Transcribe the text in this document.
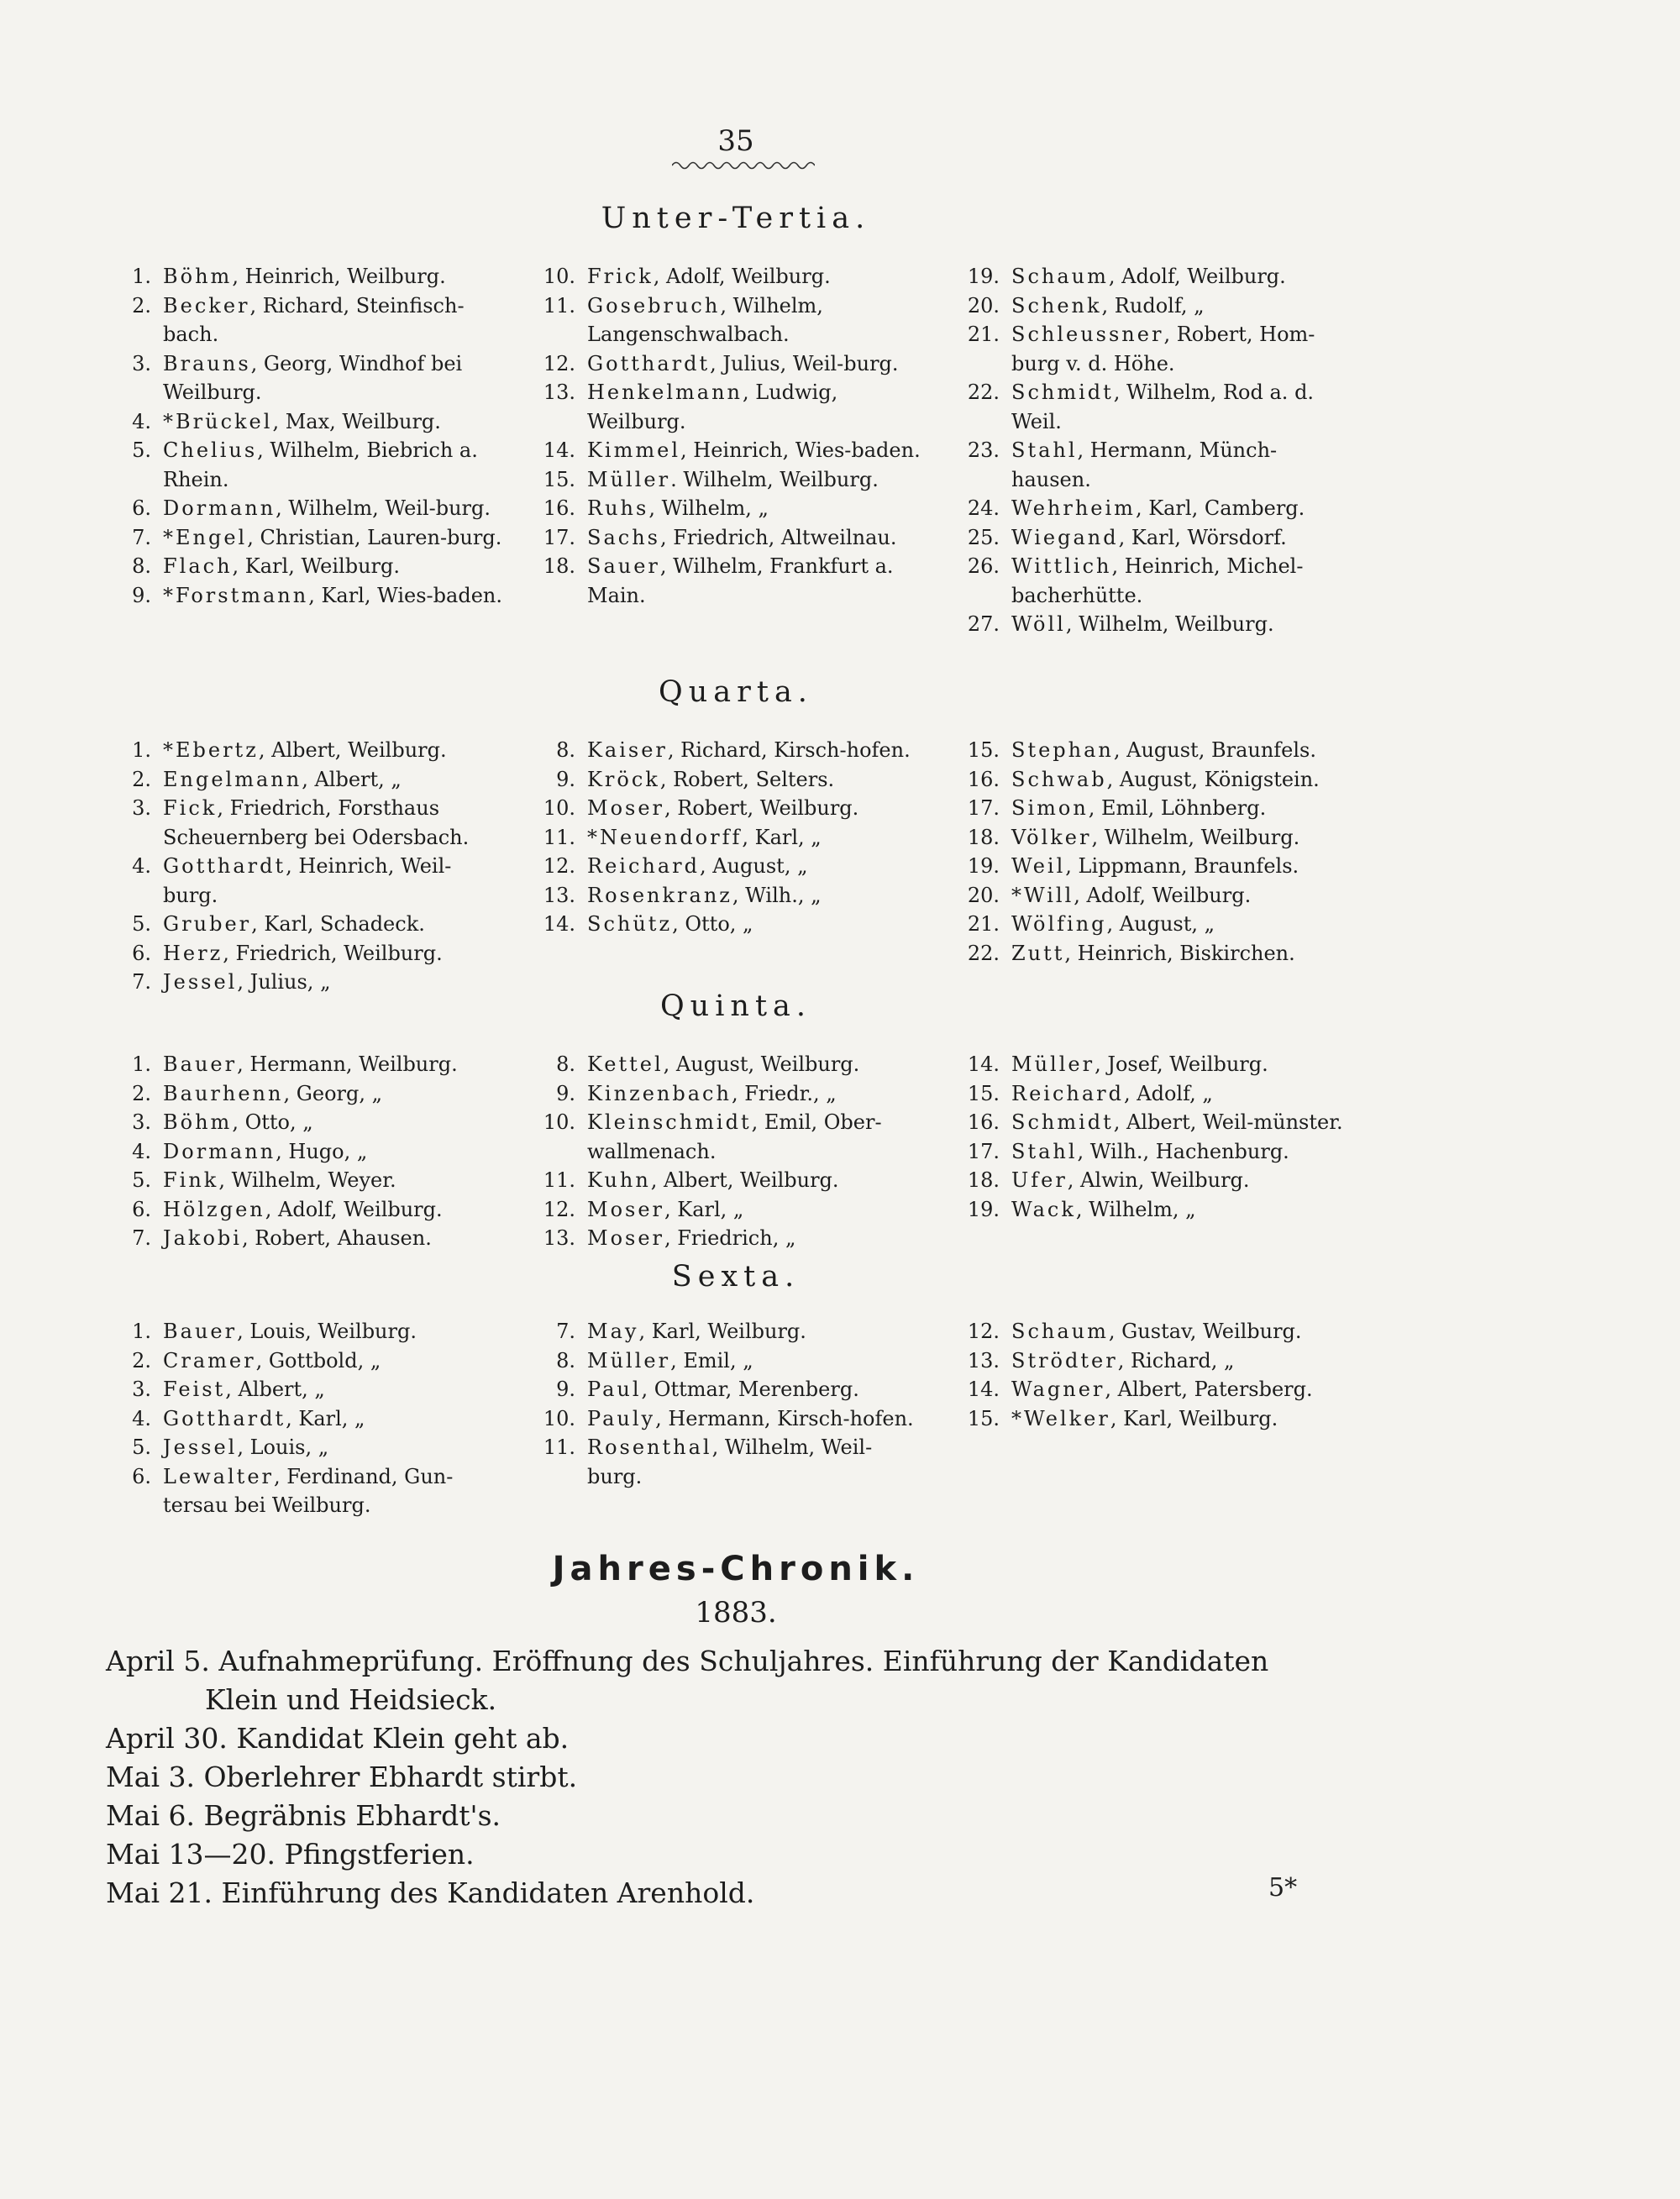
35
Unter-Tertia.
1. Böhm, Heinrich, Weilburg.
2. Becker, Richard, Steinfisch-bach.
3. Brauns, Georg, Windhof bei Weilburg.
4. *Brückel, Max, Weilburg.
5. Chelius, Wilhelm, Biebrich a. Rhein.
6. Dormann, Wilhelm, Weil-burg.
7. *Engel, Christian, Lauren-burg.
8. Flach, Karl, Weilburg.
9. *Forstmann, Karl, Wies-baden.
10. Frick, Adolf, Weilburg.
11. Gosebruch, Wilhelm, Langenschwalbach.
12. Gotthardt, Julius, Weil-burg.
13. Henkelmann, Ludwig, Weilburg.
14. Kimmel, Heinrich, Wies-baden.
15. Müller. Wilhelm, Weilburg.
16. Ruhs, Wilhelm, „
17. Sachs, Friedrich, Altweilnau.
18. Sauer, Wilhelm, Frankfurt a. Main.
19. Schaum, Adolf, Weilburg.
20. Schenk, Rudolf, „
21. Schleussner, Robert, Hom-burg v. d. Höhe.
22. Schmidt, Wilhelm, Rod a. d. Weil.
23. Stahl, Hermann, Münch-hausen.
24. Wehrheim, Karl, Camberg.
25. Wiegand, Karl, Wörsdorf.
26. Wittlich, Heinrich, Michel-bacherhütte.
27. Wöll, Wilhelm, Weilburg.
Quarta.
1. *Ebertz, Albert, Weilburg.
2. Engelmann, Albert, „
3. Fick, Friedrich, Forsthaus Scheuernberg bei Odersbach.
4. Gotthardt, Heinrich, Weil-burg.
5. Gruber, Karl, Schadeck.
6. Herz, Friedrich, Weilburg.
7. Jessel, Julius, „
8. Kaiser, Richard, Kirsch-hofen.
9. Kröck, Robert, Selters.
10. Moser, Robert, Weilburg.
11. *Neuendorff, Karl, „
12. Reichard, August, „
13. Rosenkranz, Wilh., „
14. Schütz, Otto, „
15. Stephan, August, Braunfels.
16. Schwab, August, Königstein.
17. Simon, Emil, Löhnberg.
18. Völker, Wilhelm, Weilburg.
19. Weil, Lippmann, Braunfels.
20. *Will, Adolf, Weilburg.
21. Wölfing, August, „
22. Zutt, Heinrich, Biskirchen.
Quinta.
1. Bauer, Hermann, Weilburg.
2. Baurhenn, Georg, „
3. Böhm, Otto, „
4. Dormann, Hugo, „
5. Fink, Wilhelm, Weyer.
6. Hölzgen, Adolf, Weilburg.
7. Jakobi, Robert, Ahausen.
8. Kettel, August, Weilburg.
9. Kinzenbach, Friedr., „
10. Kleinschmidt, Emil, Ober-wallmenach.
11. Kuhn, Albert, Weilburg.
12. Moser, Karl, „
13. Moser, Friedrich, „
14. Müller, Josef, Weilburg.
15. Reichard, Adolf, „
16. Schmidt, Albert, Weil-münster.
17. Stahl, Wilh., Hachenburg.
18. Ufer, Alwin, Weilburg.
19. Wack, Wilhelm, „
Sexta.
1. Bauer, Louis, Weilburg.
2. Cramer, Gottbold, „
3. Feist, Albert, „
4. Gotthardt, Karl, „
5. Jessel, Louis, „
6. Lewalter, Ferdinand, Gun-tersau bei Weilburg.
7. May, Karl, Weilburg.
8. Müller, Emil, „
9. Paul, Ottmar, Merenberg.
10. Pauly, Hermann, Kirsch-hofen.
11. Rosenthal, Wilhelm, Weil-burg.
12. Schaum, Gustav, Weilburg.
13. Strödter, Richard, „
14. Wagner, Albert, Patersberg.
15. *Welker, Karl, Weilburg.
Jahres-Chronik.
1883.
April 5. Aufnahmeprüfung. Eröffnung des Schuljahres. Einführung der Kandidaten
Klein und Heidsieck.
April 30. Kandidat Klein geht ab.
Mai 3. Oberlehrer Ebhardt stirbt.
Mai 6. Begräbnis Ebhardt's.
Mai 13—20. Pfingstferien.
Mai 21. Einführung des Kandidaten Arenhold.	5*
